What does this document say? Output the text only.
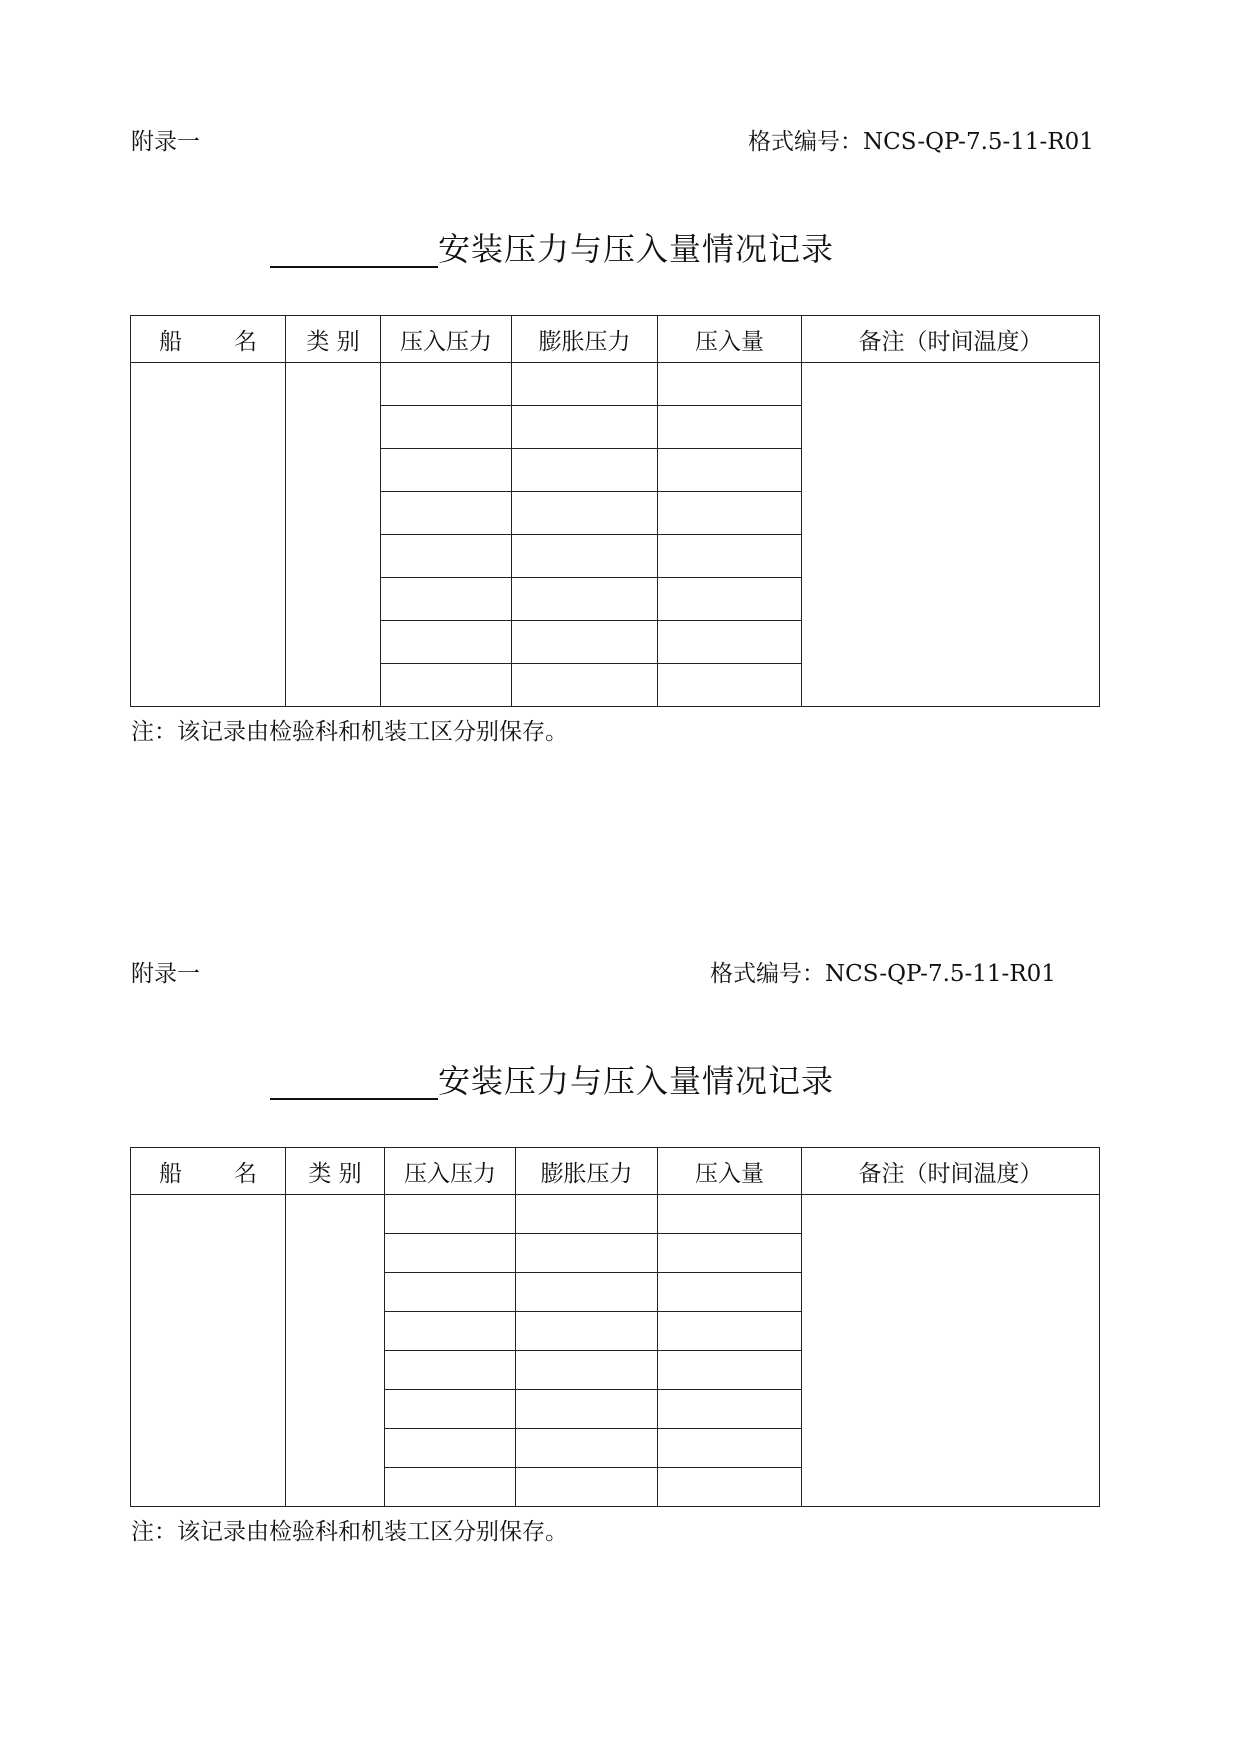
附录一	格式编号：NCS-QP-7.5-11-R01
安装压力与压入量情况记录
船 名	类 别	压入压力	膨胀压力	压入量	备注（时间温度）

注：该记录由检验科和机装工区分别保存。
附录一	格式编号：NCS-QP-7.5-11-R01
安装压力与压入量情况记录
船 名	类 别	压入压力	膨胀压力	压入量	备注（时间温度）

注：该记录由检验科和机装工区分别保存。
